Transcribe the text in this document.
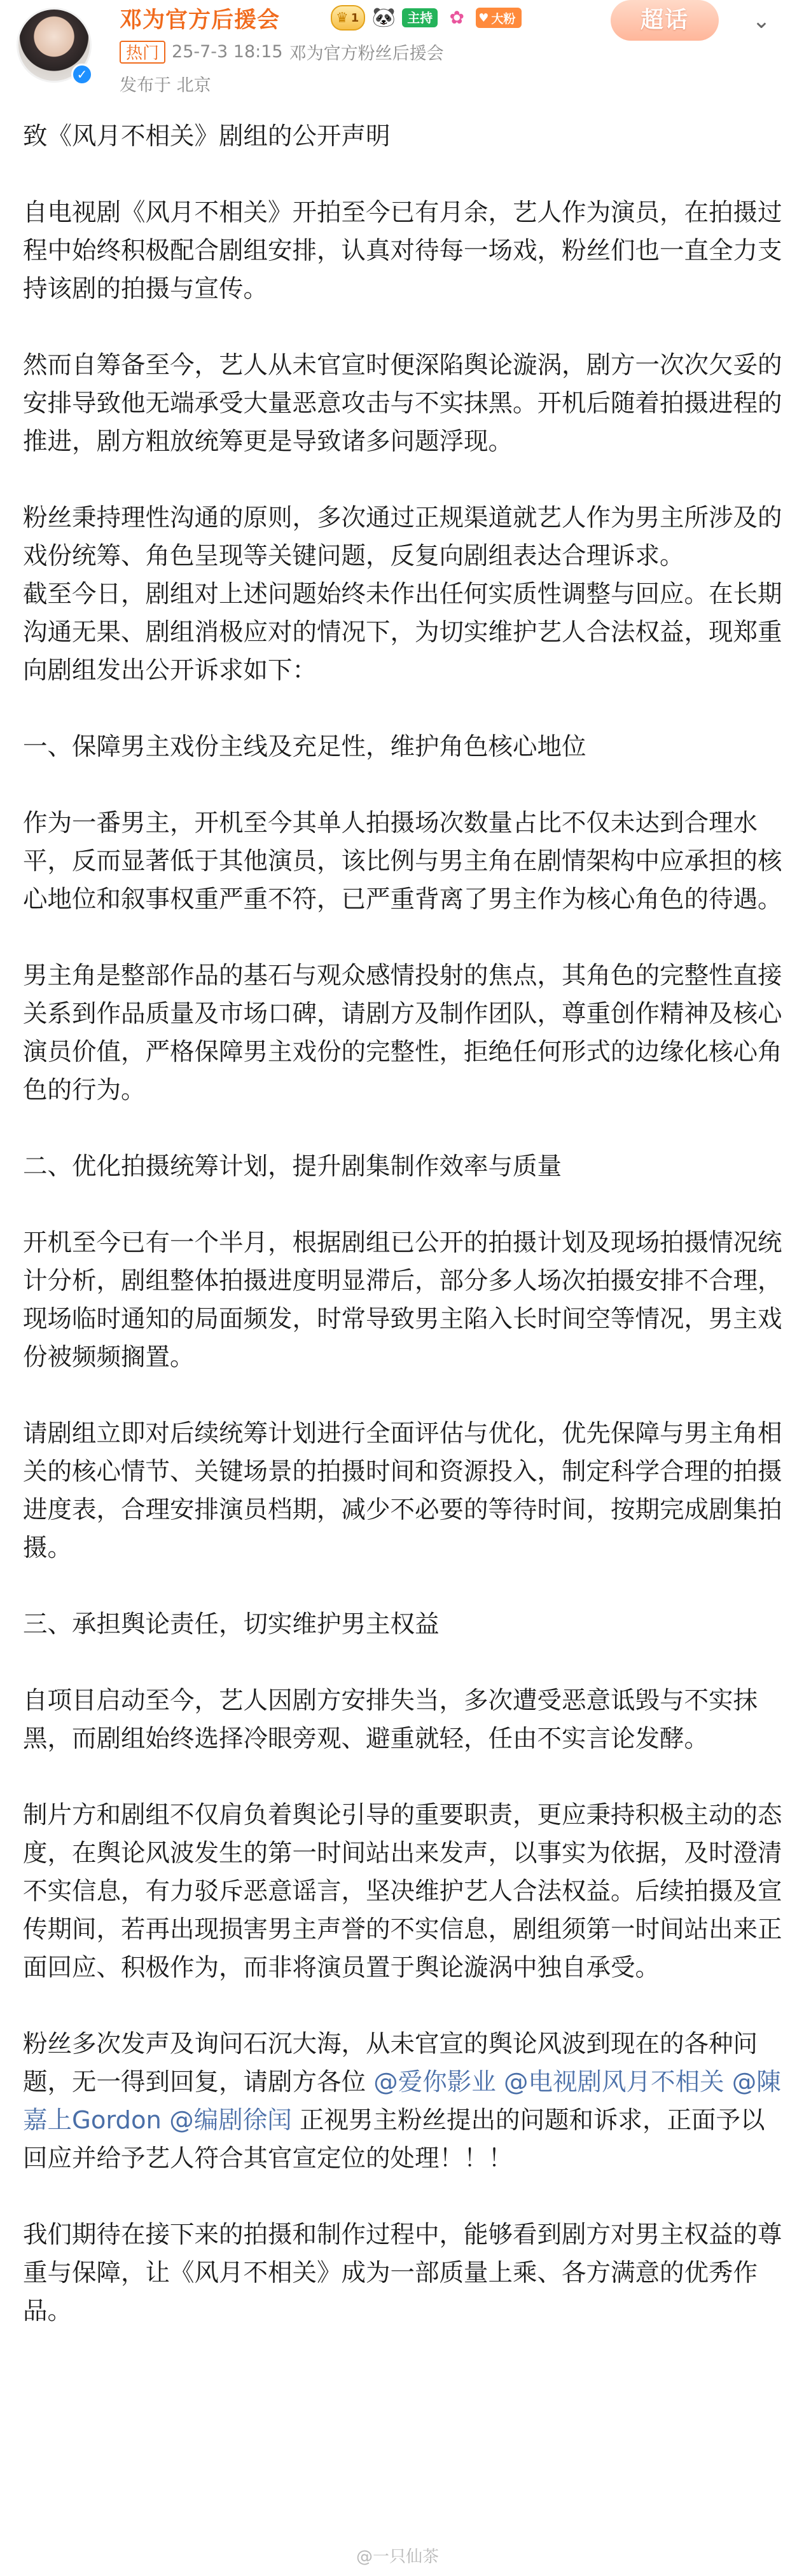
✓
邓为官方后援会	♛ 1 🐼 主持 ✿	♥ 大粉	超话	⌄
热门 25-7-3 18:15 邓为官方粉丝后援会
发布于 北京

致《风月不相关》剧组的公开声明

自电视剧《风月不相关》开拍至今已有月余，艺人作为演员，在拍摄过程中始终积极配合剧组安排，认真对待每一场戏，粉丝们也一直全力支持该剧的拍摄与宣传。

然而自筹备至今，艺人从未官宣时便深陷舆论漩涡，剧方一次次欠妥的安排导致他无端承受大量恶意攻击与不实抹黑。开机后随着拍摄进程的推进，剧方粗放统筹更是导致诸多问题浮现。

粉丝秉持理性沟通的原则，多次通过正规渠道就艺人作为男主所涉及的戏份统筹、角色呈现等关键问题，反复向剧组表达合理诉求。

截至今日，剧组对上述问题始终未作出任何实质性调整与回应。在长期沟通无果、剧组消极应对的情况下，为切实维护艺人合法权益，现郑重向剧组发出公开诉求如下：

一、保障男主戏份主线及充足性，维护角色核心地位

作为一番男主，开机至今其单人拍摄场次数量占比不仅未达到合理水平，反而显著低于其他演员，该比例与男主角在剧情架构中应承担的核心地位和叙事权重严重不符，已严重背离了男主作为核心角色的待遇。

男主角是整部作品的基石与观众感情投射的焦点，其角色的完整性直接关系到作品质量及市场口碑，请剧方及制作团队，尊重创作精神及核心演员价值，严格保障男主戏份的完整性，拒绝任何形式的边缘化核心角色的行为。

二、优化拍摄统筹计划，提升剧集制作效率与质量

开机至今已有一个半月，根据剧组已公开的拍摄计划及现场拍摄情况统计分析，剧组整体拍摄进度明显滞后，部分多人场次拍摄安排不合理，现场临时通知的局面频发，时常导致男主陷入长时间空等情况，男主戏份被频频搁置。

请剧组立即对后续统筹计划进行全面评估与优化，优先保障与男主角相关的核心情节、关键场景的拍摄时间和资源投入，制定科学合理的拍摄进度表，合理安排演员档期，减少不必要的等待时间，按期完成剧集拍摄。

三、承担舆论责任，切实维护男主权益

自项目启动至今，艺人因剧方安排失当，多次遭受恶意诋毁与不实抹黑，而剧组始终选择冷眼旁观、避重就轻，任由不实言论发酵。

制片方和剧组不仅肩负着舆论引导的重要职责，更应秉持积极主动的态度，在舆论风波发生的第一时间站出来发声，以事实为依据，及时澄清不实信息，有力驳斥恶意谣言，坚决维护艺人合法权益。后续拍摄及宣传期间，若再出现损害男主声誉的不实信息，剧组须第一时间站出来正面回应、积极作为，而非将演员置于舆论漩涡中独自承受。

粉丝多次发声及询问石沉大海，从未官宣的舆论风波到现在的各种问题，无一得到回复，请剧方各位 @爱你影业 @电视剧风月不相关 @陳嘉上Gordon @编剧徐闰 正视男主粉丝提出的问题和诉求，正面予以回应并给予艺人符合其官宣定位的处理！！！

我们期待在接下来的拍摄和制作过程中，能够看到剧方对男主权益的尊重与保障，让《风月不相关》成为一部质量上乘、各方满意的优秀作品。

@一只仙茶
